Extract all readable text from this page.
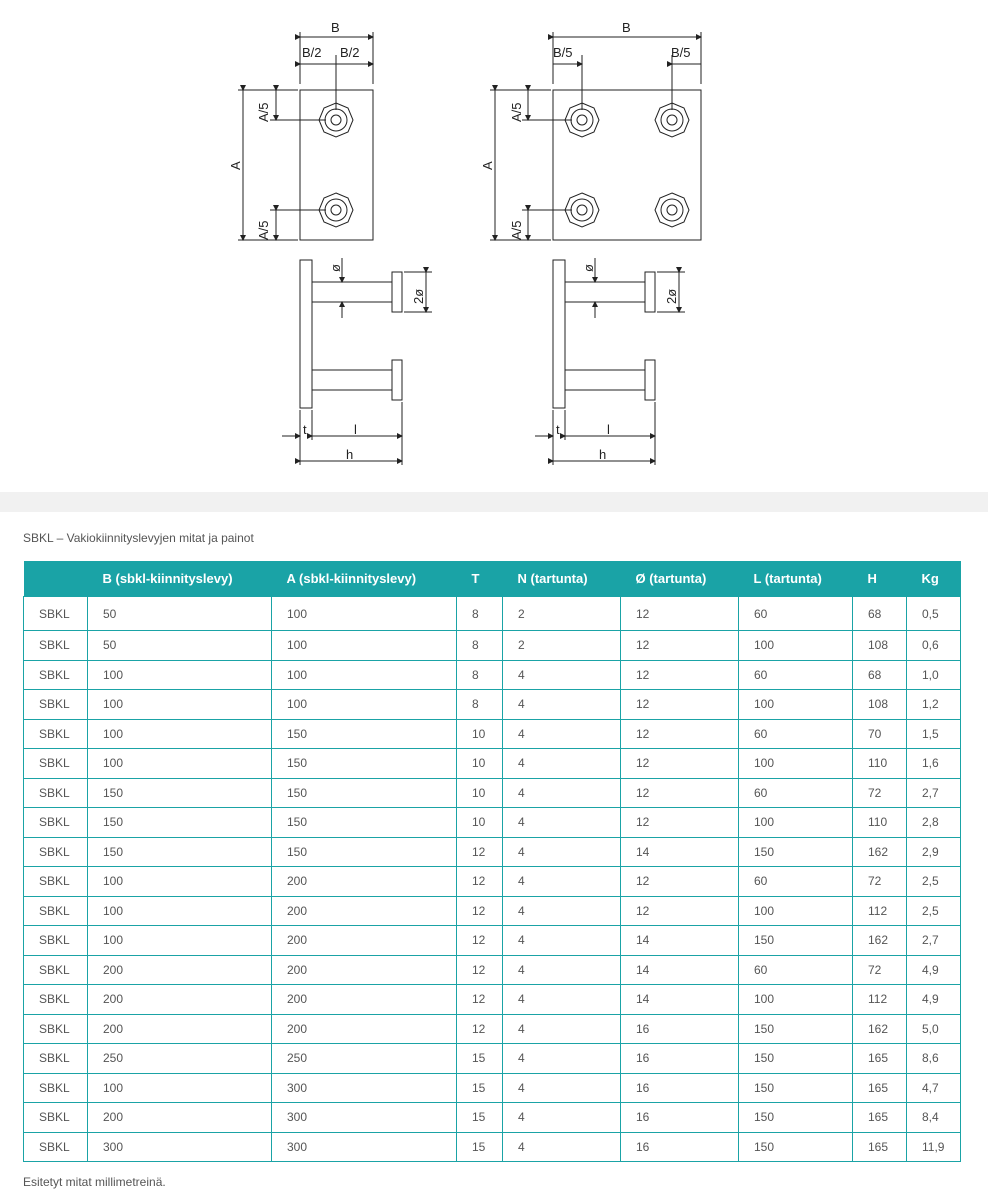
B
B/2 B/2
B
B/5	B/5
A/5
A
A/5
A/5
A
A/5
ø
2ø
t	l
h
ø
2ø
t	l
h
SBKL – Vakiokiinnityslevyjen mitat ja painot
	B (sbkl-kiinnityslevy)	A (sbkl-kiinnityslevy)	T	N (tartunta)	Ø (tartunta)	L (tartunta)	H	Kg
SBKL	50	100	8	2	12	60	68	0,5
SBKL	50	100	8	2	12	100	108	0,6
SBKL	100	100	8	4	12	60	68	1,0
SBKL	100	100	8	4	12	100	108	1,2
SBKL	100	150	10	4	12	60	70	1,5
SBKL	100	150	10	4	12	100	110	1,6
SBKL	150	150	10	4	12	60	72	2,7
SBKL	150	150	10	4	12	100	110	2,8
SBKL	150	150	12	4	14	150	162	2,9
SBKL	100	200	12	4	12	60	72	2,5
SBKL	100	200	12	4	12	100	112	2,5
SBKL	100	200	12	4	14	150	162	2,7
SBKL	200	200	12	4	14	60	72	4,9
SBKL	200	200	12	4	14	100	112	4,9
SBKL	200	200	12	4	16	150	162	5,0
SBKL	250	250	15	4	16	150	165	8,6
SBKL	100	300	15	4	16	150	165	4,7
SBKL	200	300	15	4	16	150	165	8,4
SBKL	300	300	15	4	16	150	165	11,9
Esitetyt mitat millimetreinä.
